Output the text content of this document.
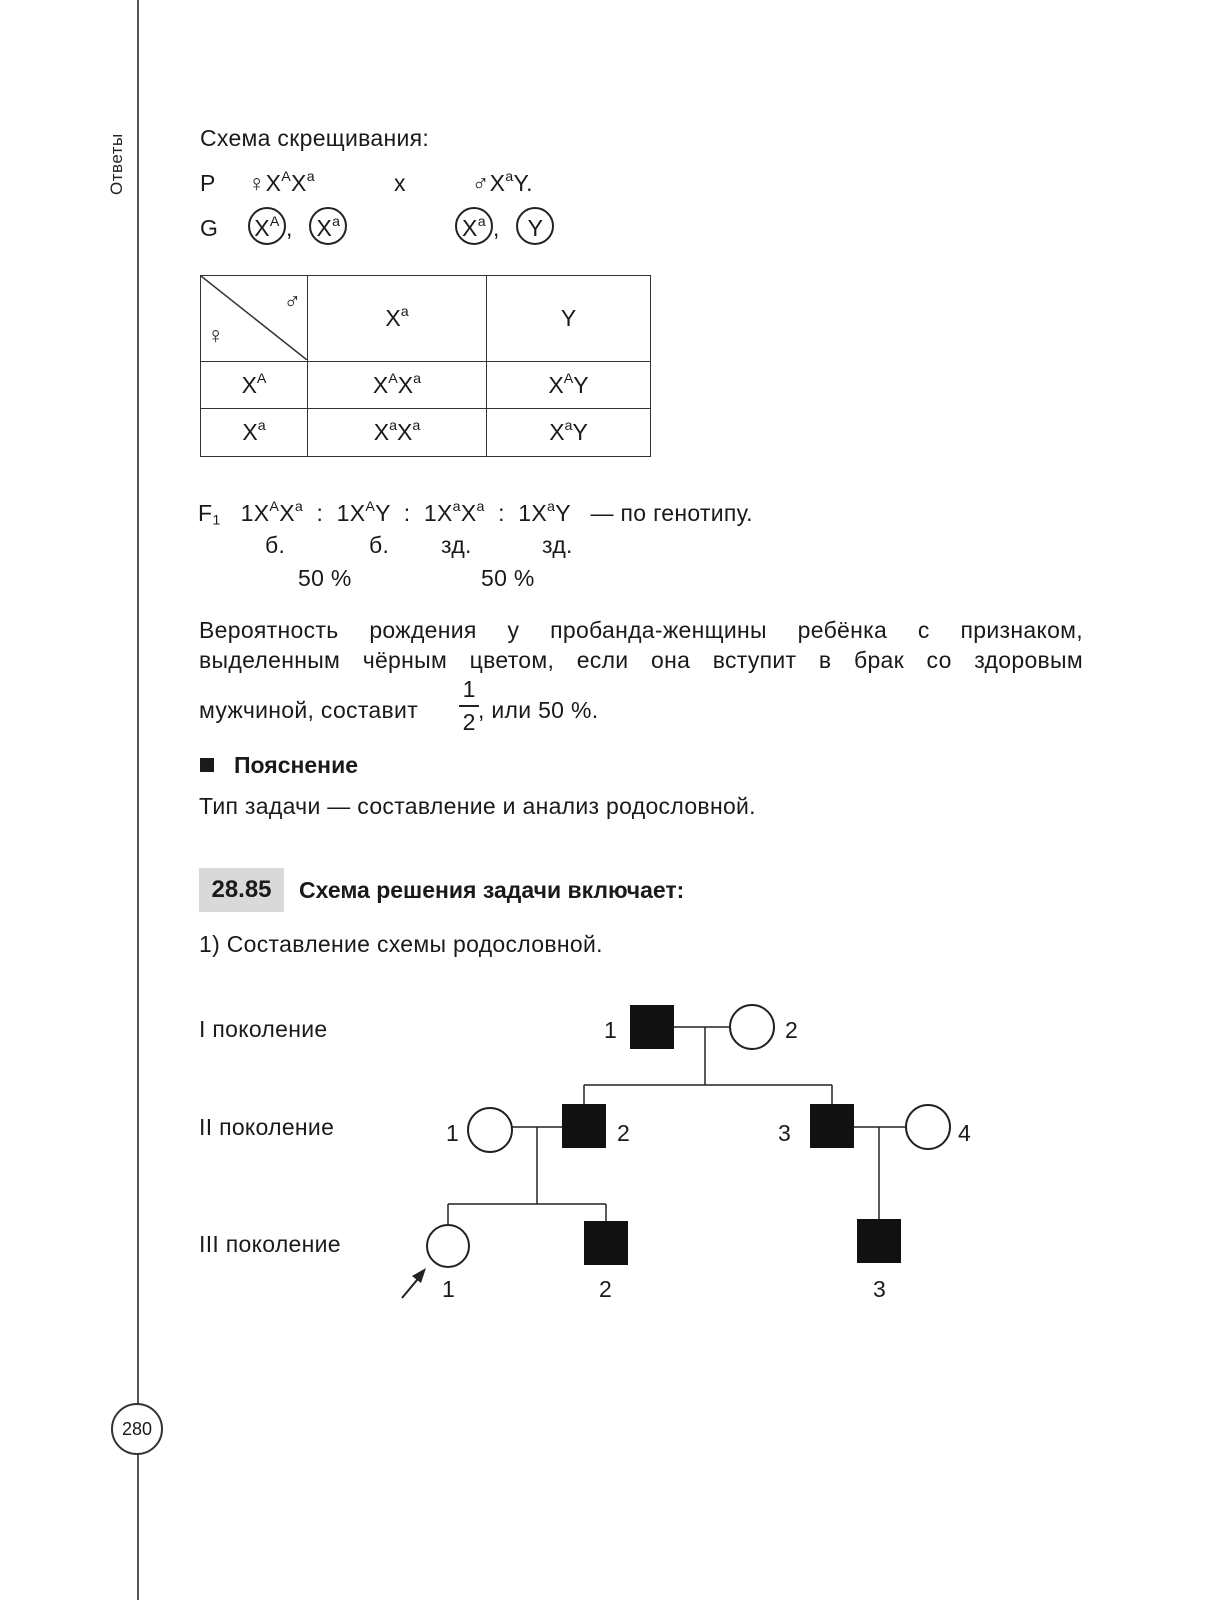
Ответы
280
Схема скрещивания:
P $♀X^AX^a$	x	$♂X^aY$.
G $X^A$ , $X^a$	$X^a$ , Y
♂
♀	$X^a$	Y
$X^A$	$X^AX^a$	$X^AY$
$X^a$	$X^aX^a$	$X^aY$
$F_1$ $1X^AX^a$ : $1X^AY$ : $1X^aX^a$ : $1X^aY$ — по генотипу.
б.	б. зд.	зд.
50 %	50 %
Вероятность рождения у пробанда-женщины ребёнка с признаком,
выделенным чёрным цветом, если она вступит в брак со здоровым
мужчиной, составит
1
2 , или 50 %.
Пояснение
Тип задачи — составление и анализ родословной.
28.85	Схема решения задачи включает:
1) Составление схемы родословной.
I поколение
II поколение
III поколение
1	2
1	2	3	4
1	2	3
